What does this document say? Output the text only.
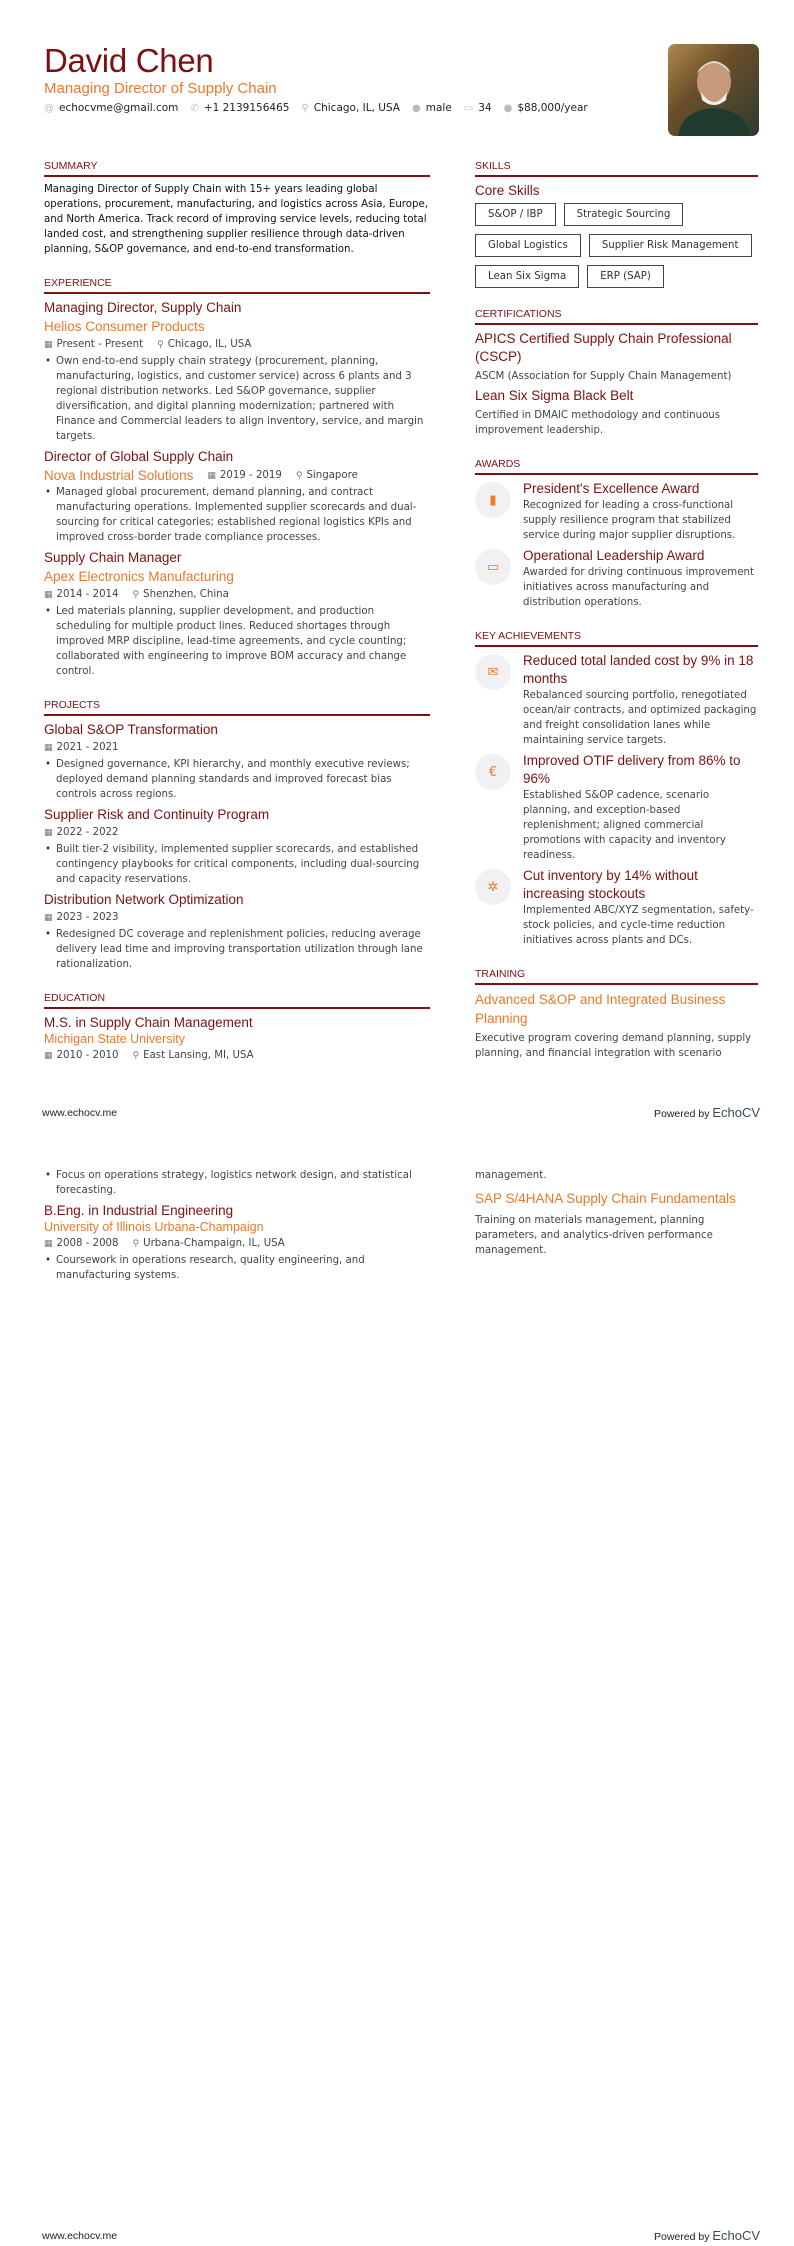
David Chen
Managing Director of Supply Chain
@ echocvme@gmail.com ✆ +1 2139156465 ⚲ Chicago, IL, USA ● male ▭ 34 ● $88,000/year
SUMMARY
Managing Director of Supply Chain with 15+ years leading global operations, procurement, manufacturing, and logistics across Asia, Europe, and North America. Track record of improving service levels, reducing total landed cost, and strengthening supplier resilience through data-driven planning, S&OP governance, and end-to-end transformation.
EXPERIENCE
Managing Director, Supply Chain
Helios Consumer Products
▦ Present - Present ⚲ Chicago, IL, USA
• Own end-to-end supply chain strategy (procurement, planning, manufacturing, logistics, and customer service) across 6 plants and 3 regional distribution networks. Led S&OP governance, supplier diversification, and digital planning modernization; partnered with Finance and Commercial leaders to align inventory, service, and margin targets.
Director of Global Supply Chain
Nova Industrial Solutions ▦ 2019 - 2019 ⚲ Singapore
• Managed global procurement, demand planning, and contract manufacturing operations. Implemented supplier scorecards and dual-sourcing for critical categories; established regional logistics KPIs and improved cross-border trade compliance processes.
Supply Chain Manager
Apex Electronics Manufacturing
▦ 2014 - 2014 ⚲ Shenzhen, China
• Led materials planning, supplier development, and production scheduling for multiple product lines. Reduced shortages through improved MRP discipline, lead-time agreements, and cycle counting; collaborated with engineering to improve BOM accuracy and change control.
PROJECTS
Global S&OP Transformation
▦ 2021 - 2021
• Designed governance, KPI hierarchy, and monthly executive reviews; deployed demand planning standards and improved forecast bias controls across regions.
Supplier Risk and Continuity Program
▦ 2022 - 2022
• Built tier-2 visibility, implemented supplier scorecards, and established contingency playbooks for critical components, including dual-sourcing and capacity reservations.
Distribution Network Optimization
▦ 2023 - 2023
• Redesigned DC coverage and replenishment policies, reducing average delivery lead time and improving transportation utilization through lane rationalization.
EDUCATION
M.S. in Supply Chain Management
Michigan State University
▦ 2010 - 2010 ⚲ East Lansing, MI, USA
SKILLS
Core Skills
S&OP / IBP	Strategic Sourcing
Global Logistics	Supplier Risk Management
Lean Six Sigma	ERP (SAP)
CERTIFICATIONS
APICS Certified Supply Chain Professional (CSCP)
ASCM (Association for Supply Chain Management)
Lean Six Sigma Black Belt
Certified in DMAIC methodology and continuous improvement leadership.
AWARDS
▮
President's Excellence Award
Recognized for leading a cross-functional supply resilience program that stabilized service during major supplier disruptions.
▭
Operational Leadership Award
Awarded for driving continuous improvement initiatives across manufacturing and distribution operations.
KEY ACHIEVEMENTS
✉
Reduced total landed cost by 9% in 18 months
Rebalanced sourcing portfolio, renegotiated ocean/air contracts, and optimized packaging and freight consolidation lanes while maintaining service targets.
€
Improved OTIF delivery from 86% to 96%
Established S&OP cadence, scenario planning, and exception-based replenishment; aligned commercial promotions with capacity and inventory readiness.
✲
Cut inventory by 14% without increasing stockouts
Implemented ABC/XYZ segmentation, safety-stock policies, and cycle-time reduction initiatives across plants and DCs.
TRAINING
Advanced S&OP and Integrated Business Planning
Executive program covering demand planning, supply planning, and financial integration with scenario
www.echocv.me	Powered by EchoCV
• Focus on operations strategy, logistics network design, and statistical forecasting.
B.Eng. in Industrial Engineering
University of Illinois Urbana-Champaign
▦ 2008 - 2008 ⚲ Urbana-Champaign, IL, USA
• Coursework in operations research, quality engineering, and manufacturing systems.
management.
SAP S/4HANA Supply Chain Fundamentals
Training on materials management, planning parameters, and analytics-driven performance management.
www.echocv.me	Powered by EchoCV
